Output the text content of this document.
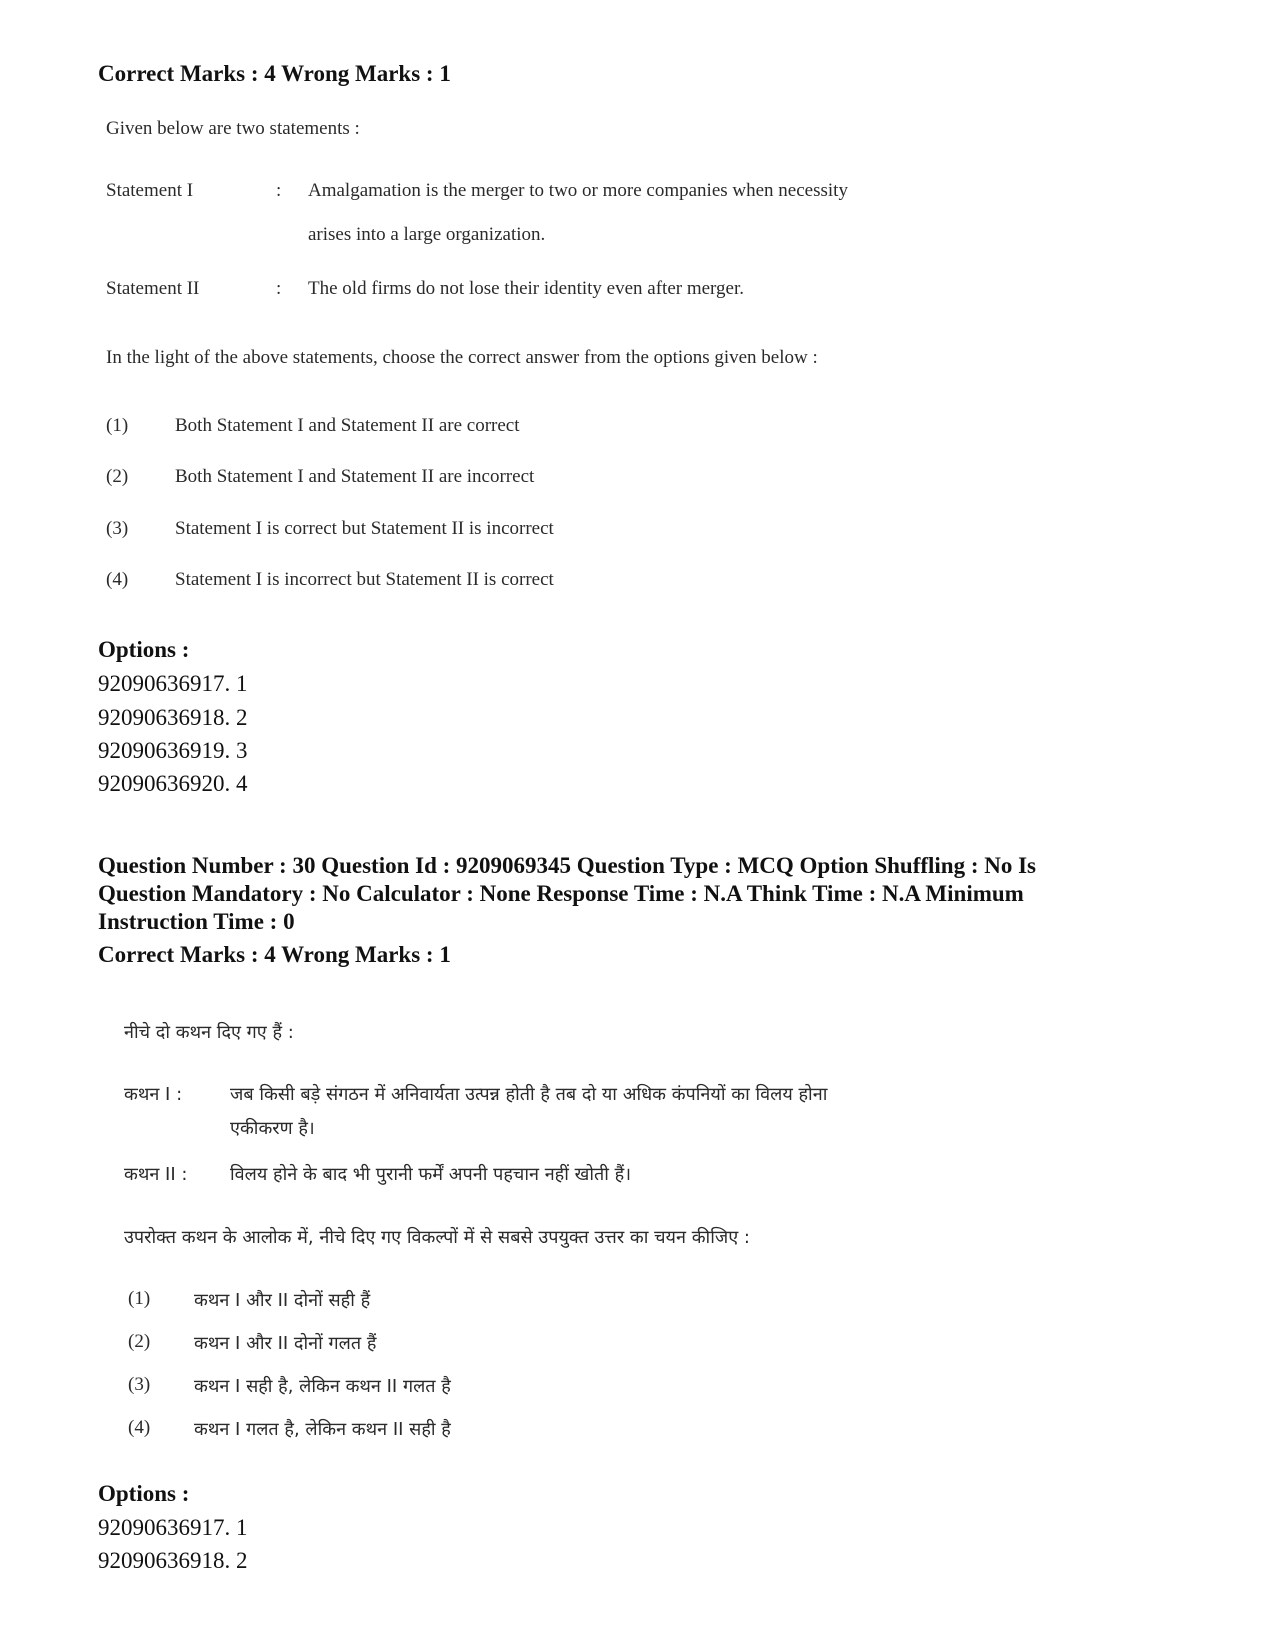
Correct Marks : 4 Wrong Marks : 1
Given below are two statements :
Statement I	: Amalgamation is the merger to two or more companies when necessity
arises into a large organization.
Statement II	: The old firms do not lose their identity even after merger.
In the light of the above statements, choose the correct answer from the options given below :
(1) Both Statement I and Statement II are correct
(2) Both Statement I and Statement II are incorrect
(3) Statement I is correct but Statement II is incorrect
(4) Statement I is incorrect but Statement II is correct
Options :
92090636917. 1
92090636918. 2
92090636919. 3
92090636920. 4
Question Number : 30 Question Id : 9209069345 Question Type : MCQ Option Shuffling : No Is
Question Mandatory : No Calculator : None Response Time : N.A Think Time : N.A Minimum
Instruction Time : 0
Correct Marks : 4 Wrong Marks : 1
नीचे दो कथन दिए गए हैं :
कथन I :	जब किसी बड़े संगठन में अनिवार्यता उत्पन्न होती है तब दो या अधिक कंपनियों का विलय होना
एकीकरण है।
कथन II : विलय होने के बाद भी पुरानी फर्में अपनी पहचान नहीं खोती हैं।
उपरोक्त कथन के आलोक में, नीचे दिए गए विकल्पों में से सबसे उपयुक्त उत्तर का चयन कीजिए :
(1) कथन I और II दोनों सही हैं
(2) कथन I और II दोनों गलत हैं
(3) कथन I सही है, लेकिन कथन II गलत है
(4) कथन I गलत है, लेकिन कथन II सही है
Options :
92090636917. 1
92090636918. 2
